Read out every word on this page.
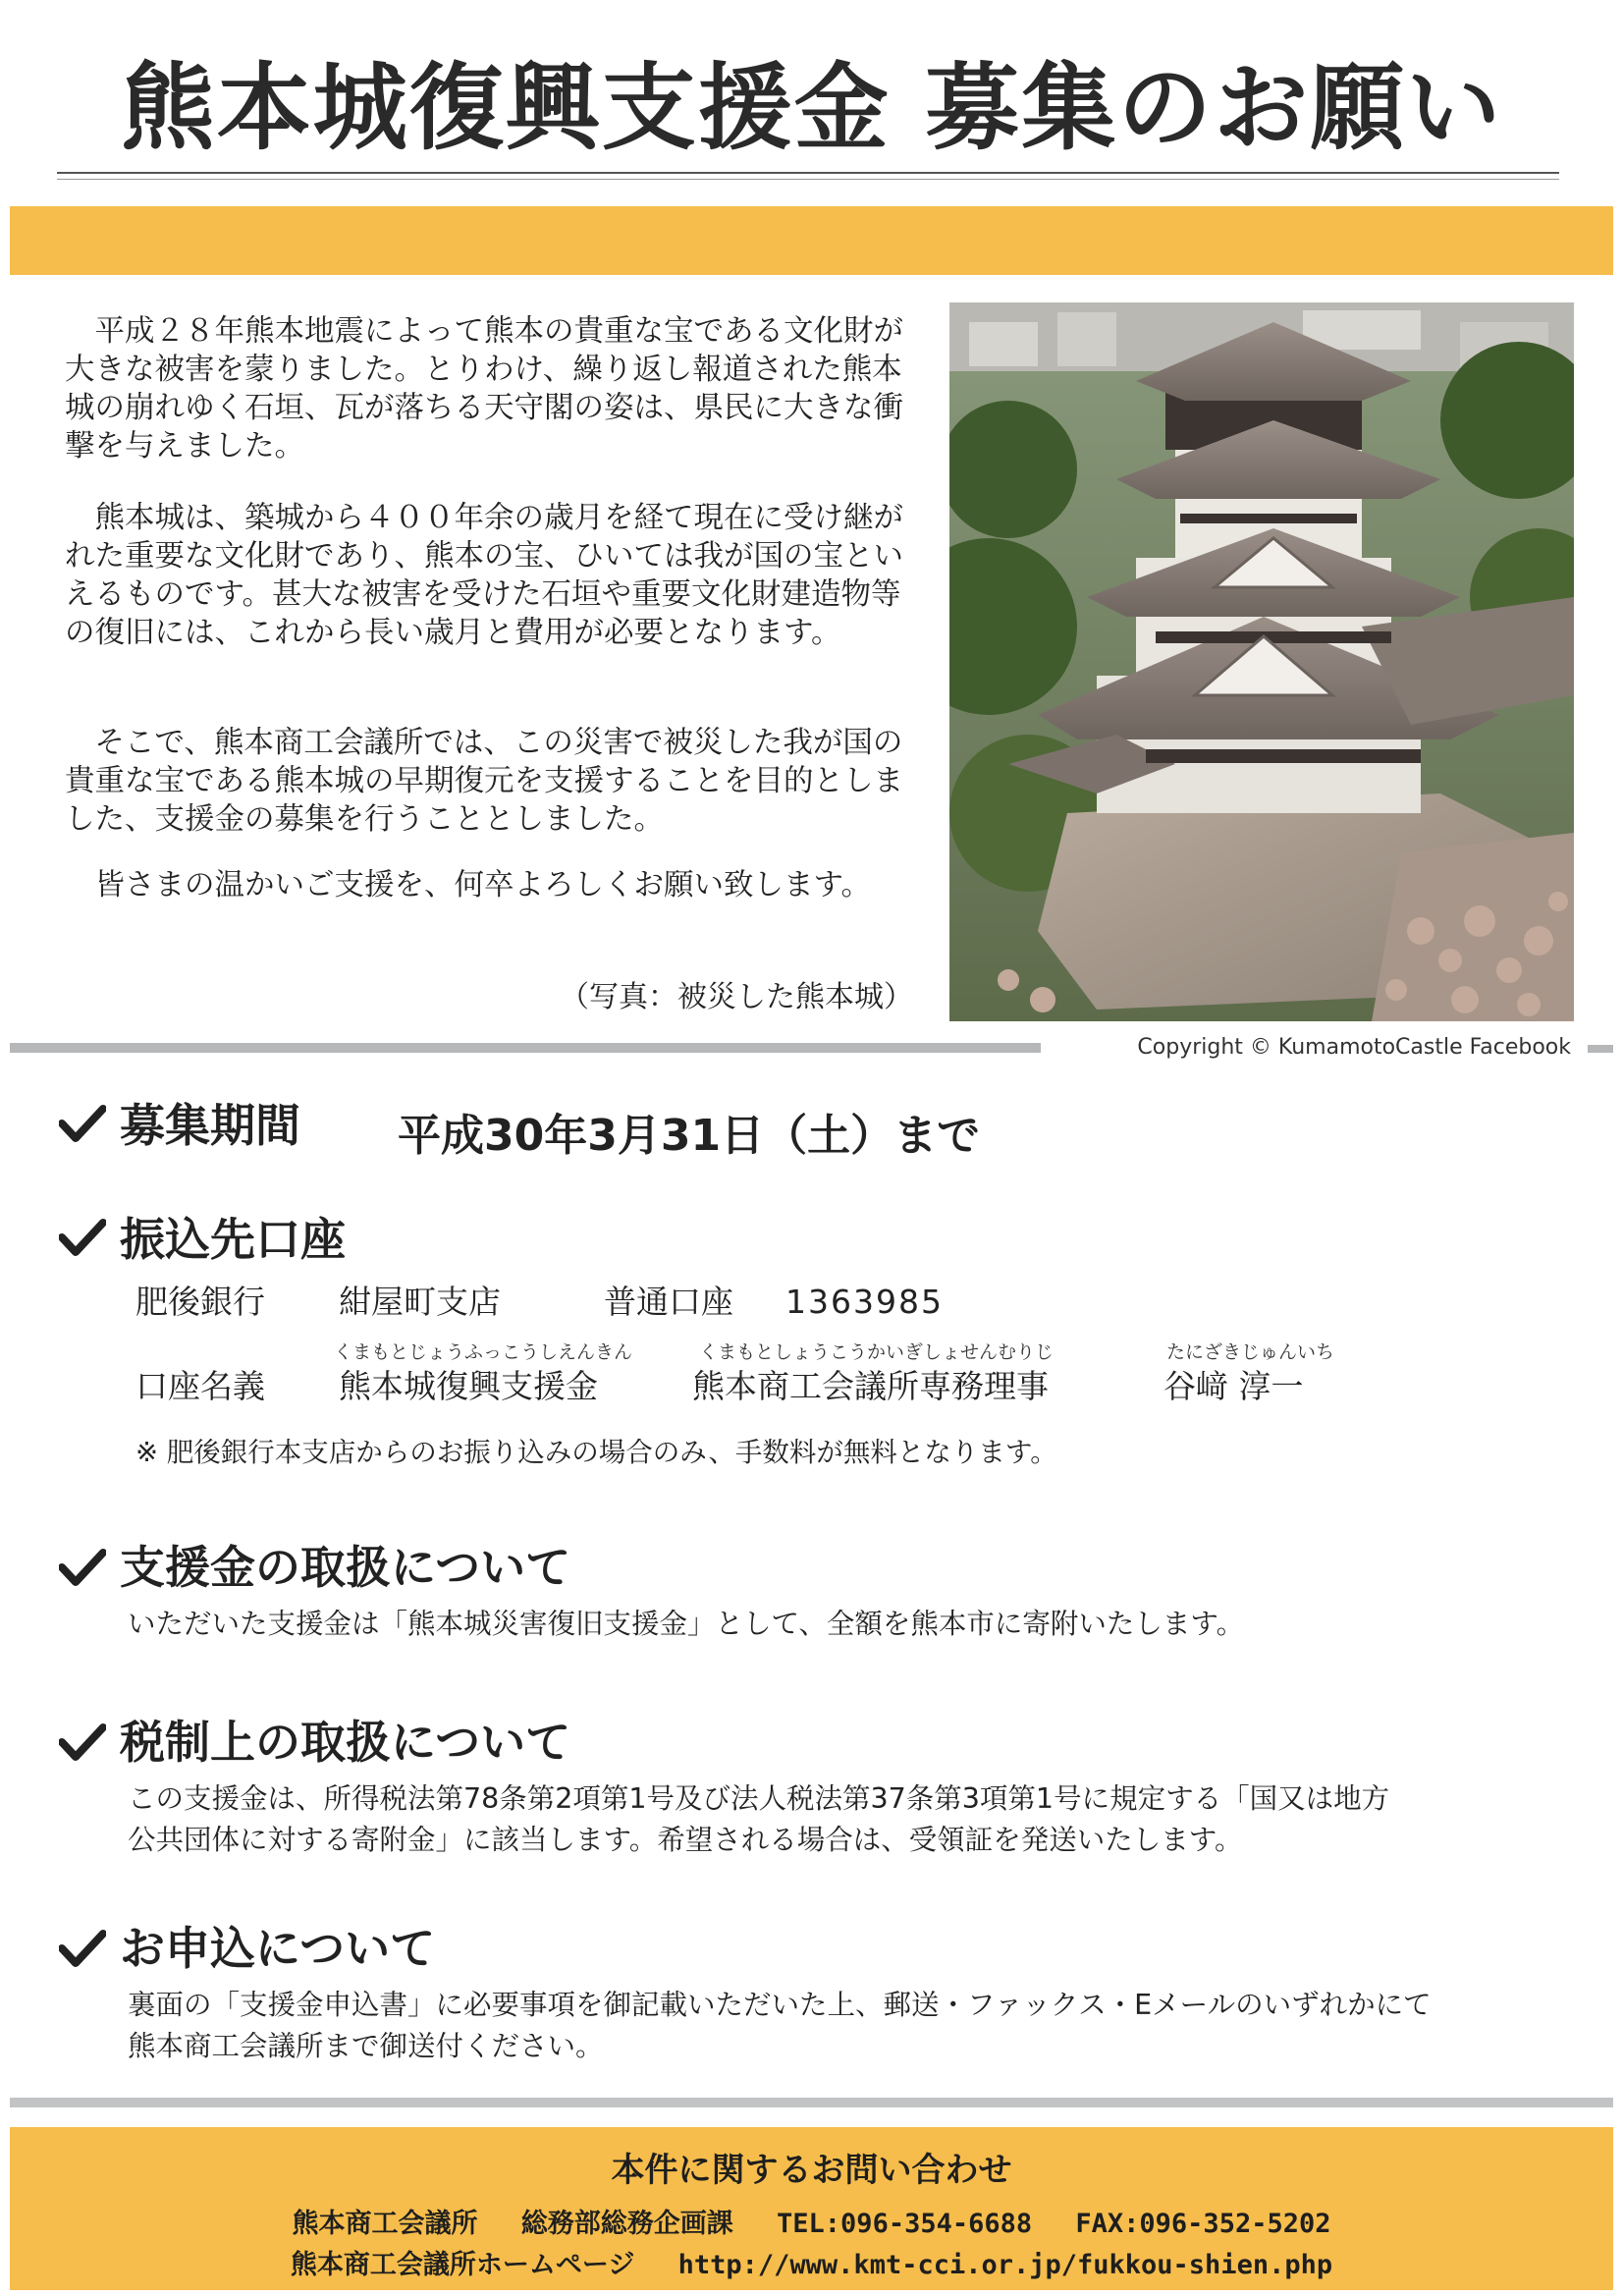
熊本城復興支援金 募集のお願い

平成２８年熊本地震によって熊本の貴重な宝である文化財が大きな被害を蒙りました。とりわけ、繰り返し報道された熊本城の崩れゆく石垣、瓦が落ちる天守閣の姿は、県民に大きな衝撃を与えました。

熊本城は、築城から４００年余の歳月を経て現在に受け継がれた重要な文化財であり、熊本の宝、ひいては我が国の宝といえるものです。甚大な被害を受けた石垣や重要文化財建造物等の復旧には、これから長い歳月と費用が必要となります。

そこで、熊本商工会議所では、この災害で被災した我が国の貴重な宝である熊本城の早期復元を支援することを目的としました、支援金の募集を行うこととしました。

皆さまの温かいご支援を、何卒よろしくお願い致します。

（写真：被災した熊本城）
Copyright © KumamotoCastle Facebook
募集期間 平成30年3月31日（土）まで
振込先口座
肥後銀行 紺屋町支店	普通口座 1363985
くまもとじょうふっこうしえんきん	くまもとしょうこうかいぎしょせんむりじ	たにざきじゅんいち
口座名義 熊本城復興支援金	熊本商工会議所専務理事	谷﨑 淳一
※ 肥後銀行本支店からのお振り込みの場合のみ、手数料が無料となります。
支援金の取扱について
いただいた支援金は「熊本城災害復旧支援金」として、全額を熊本市に寄附いたします。
税制上の取扱について
この支援金は、所得税法第78条第2項第1号及び法人税法第37条第3項第1号に規定する「国又は地方
公共団体に対する寄附金」に該当します。希望される場合は、受領証を発送いたします。
お申込について
裏面の「支援金申込書」に必要事項を御記載いただいた上、郵送・ファックス・Eメールのいずれかにて
熊本商工会議所まで御送付ください。
本件に関するお問い合わせ
熊本商工会議所 総務部総務企画課 TEL:096-354-6688 FAX:096-352-5202
熊本商工会議所ホームページ http://www.kmt-cci.or.jp/fukkou-shien.php
